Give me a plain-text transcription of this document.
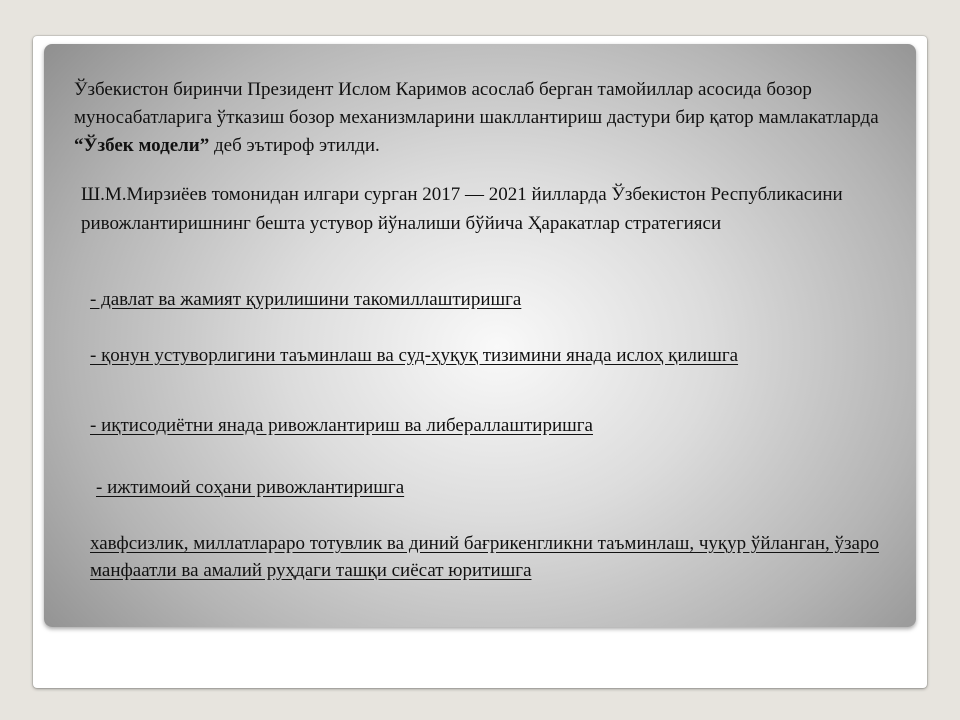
Ўзбекистон биринчи Президент Ислом Каримов асослаб берган тамойиллар асосида бозор муносабатларига ўтказиш бозор механизмларини шакллантириш дастури бир қатор мамлакатларда “Ўзбек модели” деб эътироф этилди.

Ш.М.Мирзиёев томонидан илгари сурган 2017 — 2021 йилларда Ўзбекистон Республикасини ривожлантиришнинг бешта устувор йўналиши бўйича Ҳаракатлар стратегияси

- давлат ва жамият қурилишини такомиллаштиришга

- қонун устуворлигини таъминлаш ва суд-ҳуқуқ тизимини янада ислоҳ қилишга

- иқтисодиётни янада ривожлантириш ва либераллаштиришга

- ижтимоий соҳани ривожлантиришга

хавфсизлик, миллатлараро тотувлик ва диний бағрикенгликни таъминлаш, чуқур ўйланган, ўзаро манфаатли ва амалий руҳдаги ташқи сиёсат юритишга
